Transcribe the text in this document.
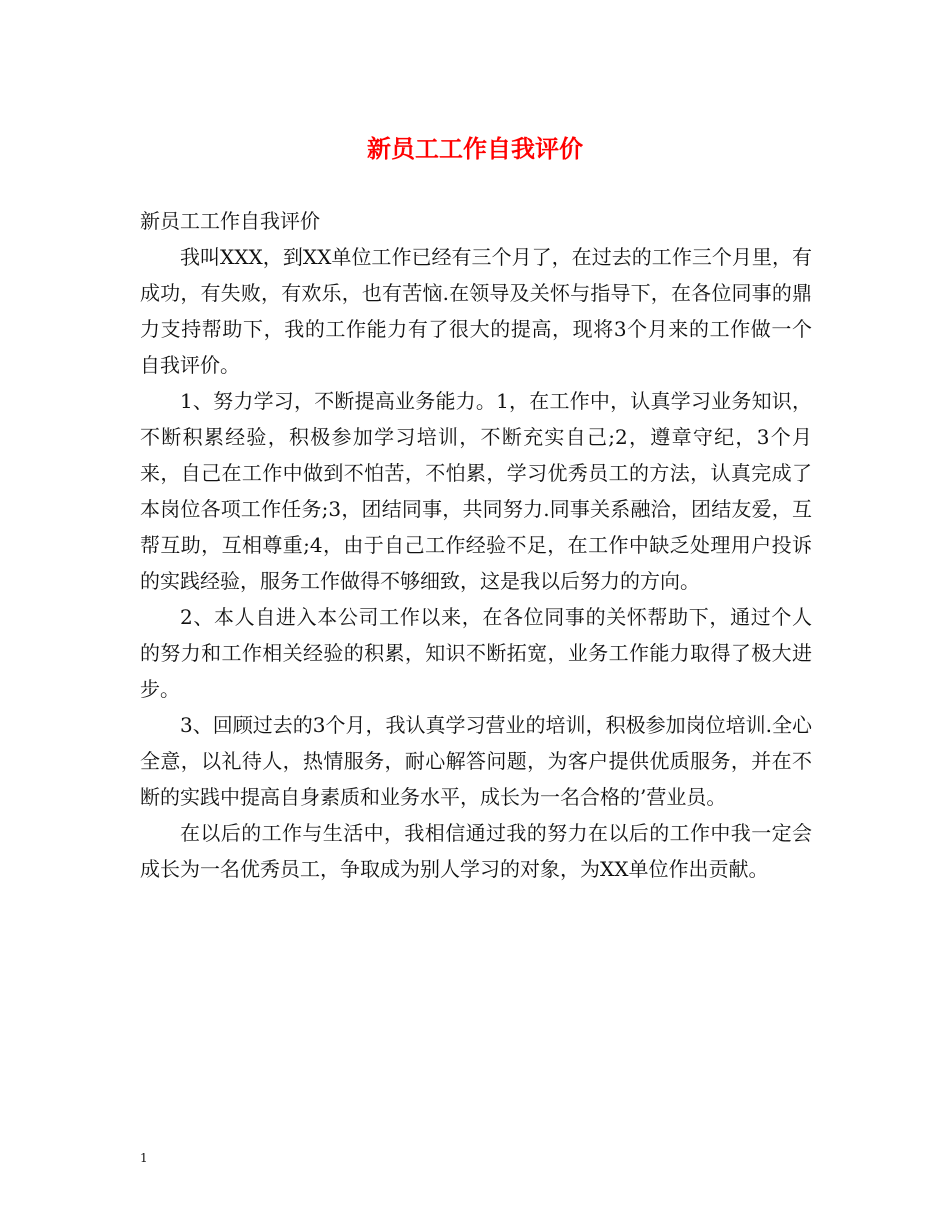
新员工工作自我评价
新员工工作自我评价

我叫XXX，到XX单位工作已经有三个月了，在过去的工作三个月里，有成功，有失败，有欢乐，也有苦恼.在领导及关怀与指导下，在各位同事的鼎力支持帮助下，我的工作能力有了很大的提高，现将3个月来的工作做一个自我评价。

1、努力学习，不断提高业务能力。1，在工作中，认真学习业务知识，不断积累经验，积极参加学习培训，不断充实自己;2，遵章守纪，3个月来，自己在工作中做到不怕苦，不怕累，学习优秀员工的方法，认真完成了本岗位各项工作任务;3，团结同事，共同努力.同事关系融洽，团结友爱，互帮互助，互相尊重;4，由于自己工作经验不足，在工作中缺乏处理用户投诉的实践经验，服务工作做得不够细致，这是我以后努力的方向。

2、本人自进入本公司工作以来，在各位同事的关怀帮助下，通过个人的努力和工作相关经验的积累，知识不断拓宽，业务工作能力取得了极大进步。

3、回顾过去的3个月，我认真学习营业的培训，积极参加岗位培训.全心全意，以礼待人，热情服务，耐心解答问题，为客户提供优质服务，并在不断的实践中提高自身素质和业务水平，成长为一名合格的’营业员。

在以后的工作与生活中，我相信通过我的努力在以后的工作中我一定会成长为一名优秀员工，争取成为别人学习的对象，为XX单位作出贡献。

1
